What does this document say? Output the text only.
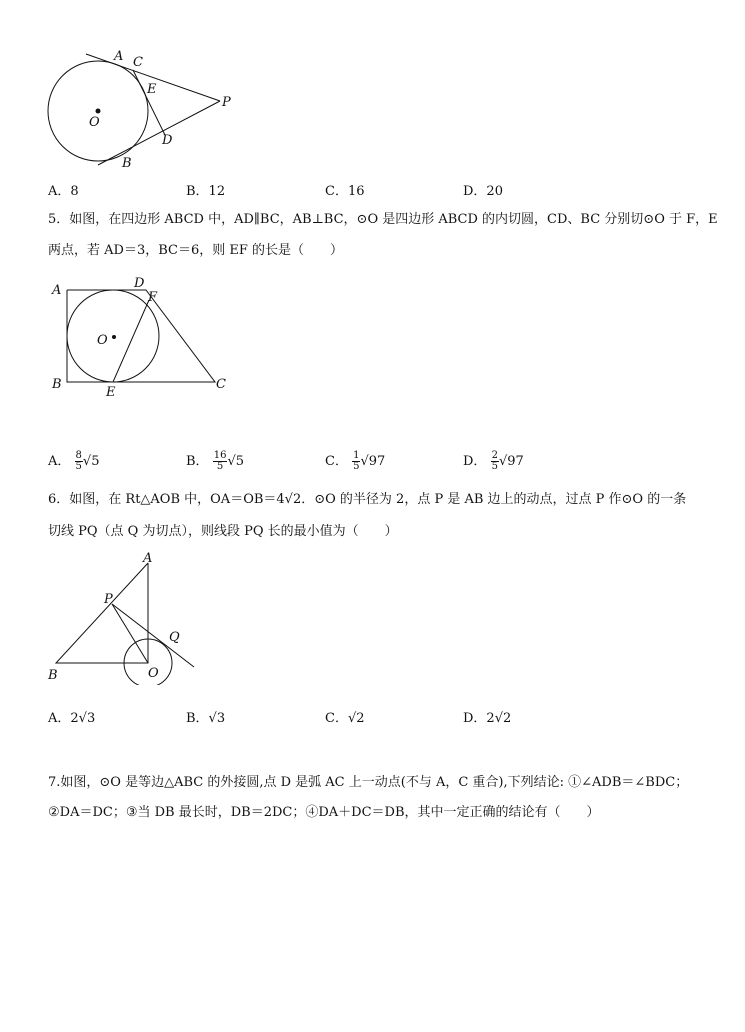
A C
E
P
O
D
B
A．8	B．12	C．16	D．20
5．如图，在四边形 ABCD 中，AD∥BC，AB⊥BC，⊙O 是四边形 ABCD 的内切圆，CD、BC 分别切⊙O 于 F，E
两点，若 AD＝3，BC＝6，则 EF 的长是（　　）
A	D
F
O
B
E
C
A． $\frac{8}{5} √5$	B． $\frac{16}{5} √5$	C． $\frac{1}{5} √97$	D． $\frac{2}{5} √97$
6．如图，在 Rt△AOB 中，OA＝OB＝4√2．⊙O 的半径为 2，点 P 是 AB 边上的动点，过点 P 作⊙O 的一条
切线 PQ（点 Q 为切点），则线段 PQ 长的最小值为（　　）
A
P
Q
B	O
A．2√3	B．√3	C．√2	D．2√2
7.如图，⊙O 是等边△ABC 的外接圆,点 D 是弧 AC 上一动点(不与 A，C 重合),下列结论: ①∠ADB＝∠BDC；
②DA＝DC；③当 DB 最长时，DB＝2DC；④DA＋DC＝DB，其中一定正确的结论有（　　）
